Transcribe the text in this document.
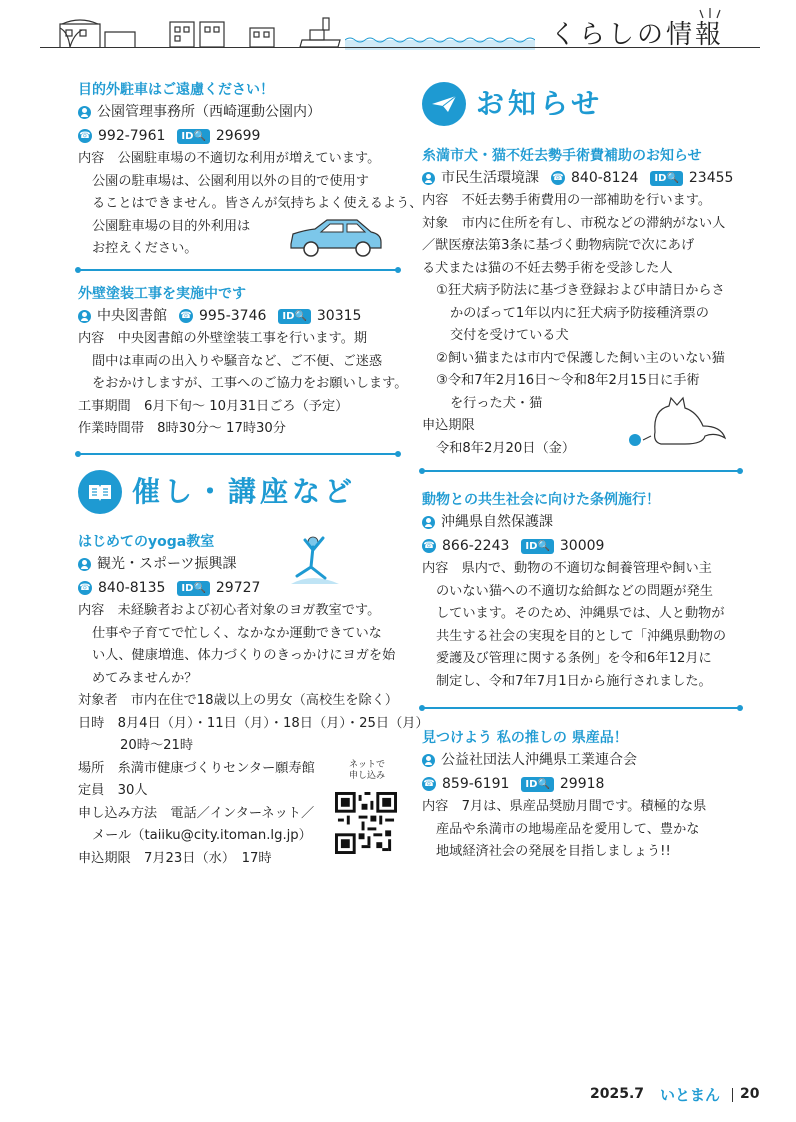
くらしの情報
目的外駐車はご遠慮ください！
公園管理事務所（西崎運動公園内）
☎ 992-7961	ID🔍 29699
内容　 公園駐車場の不適切な利用が増えています。
公園の駐車場は、公園利用以外の目的で使用す
ることはできません。皆さんが気持ちよく使えるよう、
公園駐車場の目的外利用は
お控えください。
外壁塗装工事を実施中です
中央図書館 ☎ 995-3746	ID🔍 30315
内容　 中央図書館の外壁塗装工事を行います。期
間中は車両の出入りや騒音など、ご不便、ご迷惑
をおかけしますが、工事へのご協力をお願いします。
工事期間　 6月下旬～ 10月31日ごろ（予定）
作業時間帯　 8時30分～ 17時30分
催し・講座など
はじめてのyoga教室
観光・スポーツ振興課
☎ 840-8135	ID🔍 29727
内容　 未経験者および初心者対象のヨガ教室です。
仕事や子育てで忙しく、なかなか運動できていな
い人、健康増進、体力づくりのきっかけにヨガを始
めてみませんか？
対象者　 市内在住で18歳以上の男女（高校生を除く）
日時　 8月4日（月）・11日（月）・18日（月）・25日（月）
20時～21時
場所　 糸満市健康づくりセンター願寿館
定員　 30人
申し込み方法　 電話／インターネット／
メール（taiiku@city.itoman.lg.jp）
申込期限　 7月23日（水）　17時
ネットで
申し込み
お知らせ
糸満市犬・猫不妊去勢手術費補助のお知らせ
市民生活環境課 ☎ 840-8124	ID🔍 23455
内容　 不妊去勢手術費用の一部補助を行います。
対象　 市内に住所を有し、市税などの滞納がない人
／獣医療法第3条に基づく動物病院で次にあげ
る犬または猫の不妊去勢手術を受診した人
①狂犬病予防法に基づき登録および申請日からさ
かのぼって1年以内に狂犬病予防接種済票の
交付を受けている犬
②飼い猫または市内で保護した飼い主のいない猫
③令和7年2月16日～令和8年2月15日に手術
を行った犬・猫
申込期限
令和8年2月20日（金）
動物との共生社会に向けた条例施行！
沖縄県自然保護課
☎ 866-2243	ID🔍 30009
内容　 県内で、動物の不適切な飼養管理や飼い主
のいない猫への不適切な給餌などの問題が発生
しています。そのため、沖縄県では、人と動物が
共生する社会の実現を目的として「沖縄県動物の
愛護及び管理に関する条例」を令和6年12月に
制定し、令和7年7月1日から施行されました。
見つけよう 私の推しの 県産品！
公益社団法人沖縄県工業連合会
☎ 859-6191	ID🔍 29918
内容　 7月は、県産品奨励月間です。積極的な県
産品や糸満市の地場産品を愛用して、豊かな
地域経済社会の発展を目指しましょう!!
2025.7 いとまん 20
